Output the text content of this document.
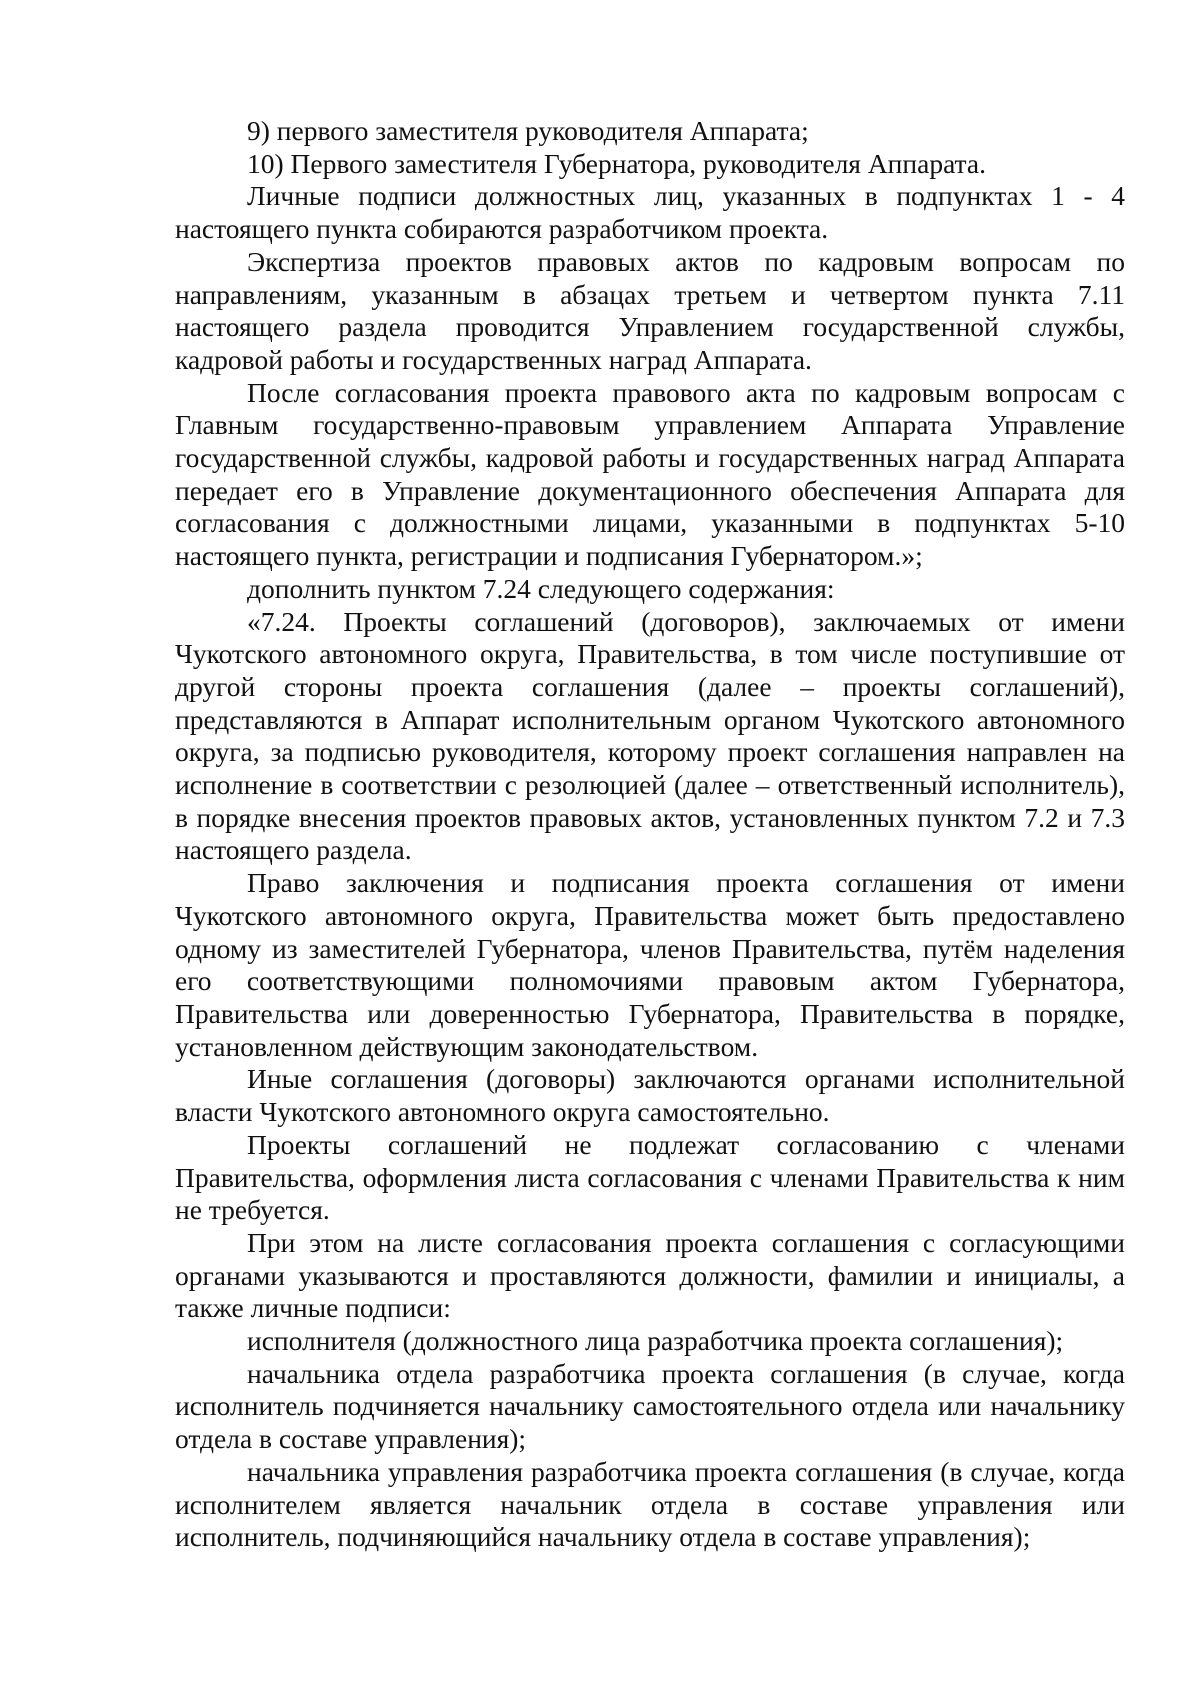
9) первого заместителя руководителя Аппарата;

10) Первого заместителя Губернатора, руководителя Аппарата.

Личные подписи должностных лиц, указанных в подпунктах 1 - 4 настоящего пункта собираются разработчиком проекта.

Экспертиза проектов правовых актов по кадровым вопросам по направлениям, указанным в абзацах третьем и четвертом пункта 7.11 настоящего раздела проводится Управлением государственной службы, кадровой работы и государственных наград Аппарата.

После согласования проекта правового акта по кадровым вопросам с Главным государственно-правовым управлением Аппарата Управление государственной службы, кадровой работы и государственных наград Аппарата передает его в Управление документационного обеспечения Аппарата для согласования с должностными лицами, указанными в подпунктах 5-10 настоящего пункта, регистрации и подписания Губернатором.»;

дополнить пунктом 7.24 следующего содержания:

«7.24. Проекты соглашений (договоров), заключаемых от имени Чукотского автономного округа, Правительства, в том числе поступившие от другой стороны проекта соглашения (далее – проекты соглашений), представляются в Аппарат исполнительным органом Чукотского автономного округа, за подписью руководителя, которому проект соглашения направлен на исполнение в соответствии с резолюцией (далее – ответственный исполнитель), в порядке внесения проектов правовых актов, установленных пунктом 7.2 и 7.3 настоящего раздела.

Право заключения и подписания проекта соглашения от имени Чукотского автономного округа, Правительства может быть предоставлено одному из заместителей Губернатора, членов Правительства, путём наделения его соответствующими полномочиями правовым актом Губернатора, Правительства или доверенностью Губернатора, Правительства в порядке, установленном действующим законодательством.

Иные соглашения (договоры) заключаются органами исполнительной власти Чукотского автономного округа самостоятельно.

Проекты соглашений не подлежат согласованию с членами Правительства, оформления листа согласования с членами Правительства к ним не требуется.

При этом на листе согласования проекта соглашения с согласующими органами указываются и проставляются должности, фамилии и инициалы, а также личные подписи:

исполнителя (должностного лица разработчика проекта соглашения);

начальника отдела разработчика проекта соглашения (в случае, когда исполнитель подчиняется начальнику самостоятельного отдела или начальнику отдела в составе управления);

начальника управления разработчика проекта соглашения (в случае, когда исполнителем является начальник отдела в составе управления или исполнитель, подчиняющийся начальнику отдела в составе управления);
